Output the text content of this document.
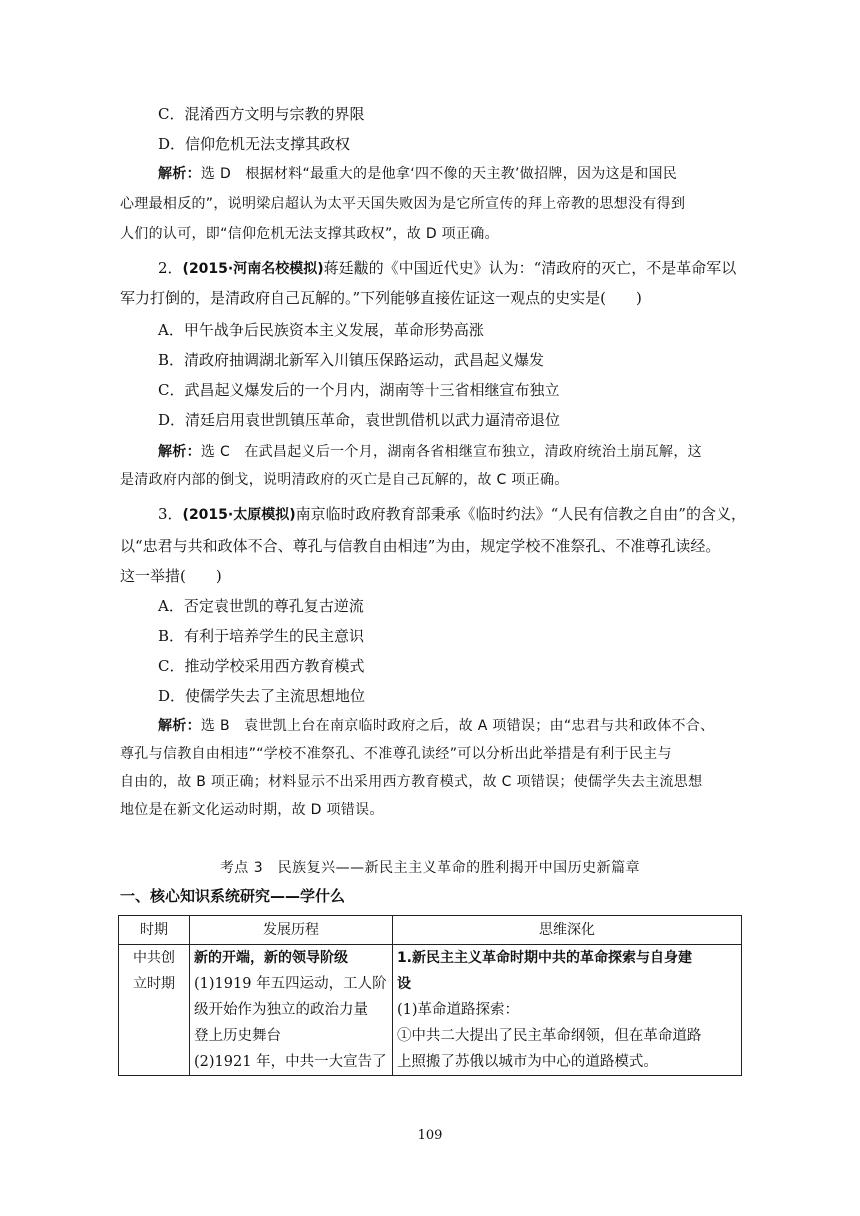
C．混淆西方文明与宗教的界限
D．信仰危机无法支撑其政权
解析：选 D　根据材料“最重大的是他拿‘四不像的天主教’做招牌，因为这是和国民
心理最相反的”，说明梁启超认为太平天国失败因为是它所宣传的拜上帝教的思想没有得到
人们的认可，即“信仰危机无法支撑其政权”，故 D 项正确。
2．(2015·河南名校模拟)蒋廷黻的《中国近代史》认为：“清政府的灭亡，不是革命军以
军力打倒的，是清政府自己瓦解的。”下列能够直接佐证这一观点的史实是(　　)
A．甲午战争后民族资本主义发展，革命形势高涨
B．清政府抽调湖北新军入川镇压保路运动，武昌起义爆发
C．武昌起义爆发后的一个月内，湖南等十三省相继宣布独立
D．清廷启用袁世凯镇压革命，袁世凯借机以武力逼清帝退位
解析：选 C　在武昌起义后一个月，湖南各省相继宣布独立，清政府统治土崩瓦解，这
是清政府内部的倒戈，说明清政府的灭亡是自己瓦解的，故 C 项正确。
3．(2015·太原模拟)南京临时政府教育部秉承《临时约法》“人民有信教之自由”的含义，
以“忠君与共和政体不合、尊孔与信教自由相违”为由，规定学校不准祭孔、不准尊孔读经。
这一举措(　　)
A．否定袁世凯的尊孔复古逆流
B．有利于培养学生的民主意识
C．推动学校采用西方教育模式
D．使儒学失去了主流思想地位
解析：选 B　袁世凯上台在南京临时政府之后，故 A 项错误；由“忠君与共和政体不合、
尊孔与信教自由相违”“学校不准祭孔、不准尊孔读经”可以分析出此举措是有利于民主与
自由的，故 B 项正确；材料显示不出采用西方教育模式，故 C 项错误；使儒学失去主流思想
地位是在新文化运动时期，故 D 项错误。
考点 3　民族复兴——新民主主义革命的胜利揭开中国历史新篇章
一、核心知识系统研究——学什么
时期	发展历程	思维深化

中共创
立时期	新的开端，新的领导阶级
(1)1919 年五四运动，工人阶
级开始作为独立的政治力量
登上历史舞台
(2)1921 年，中共一大宣告了	1.新民主主义革命时期中共的革命探索与自身建
设
(1)革命道路探索：
①中共二大提出了民主革命纲领，但在革命道路
上照搬了苏俄以城市为中心的道路模式。
109
